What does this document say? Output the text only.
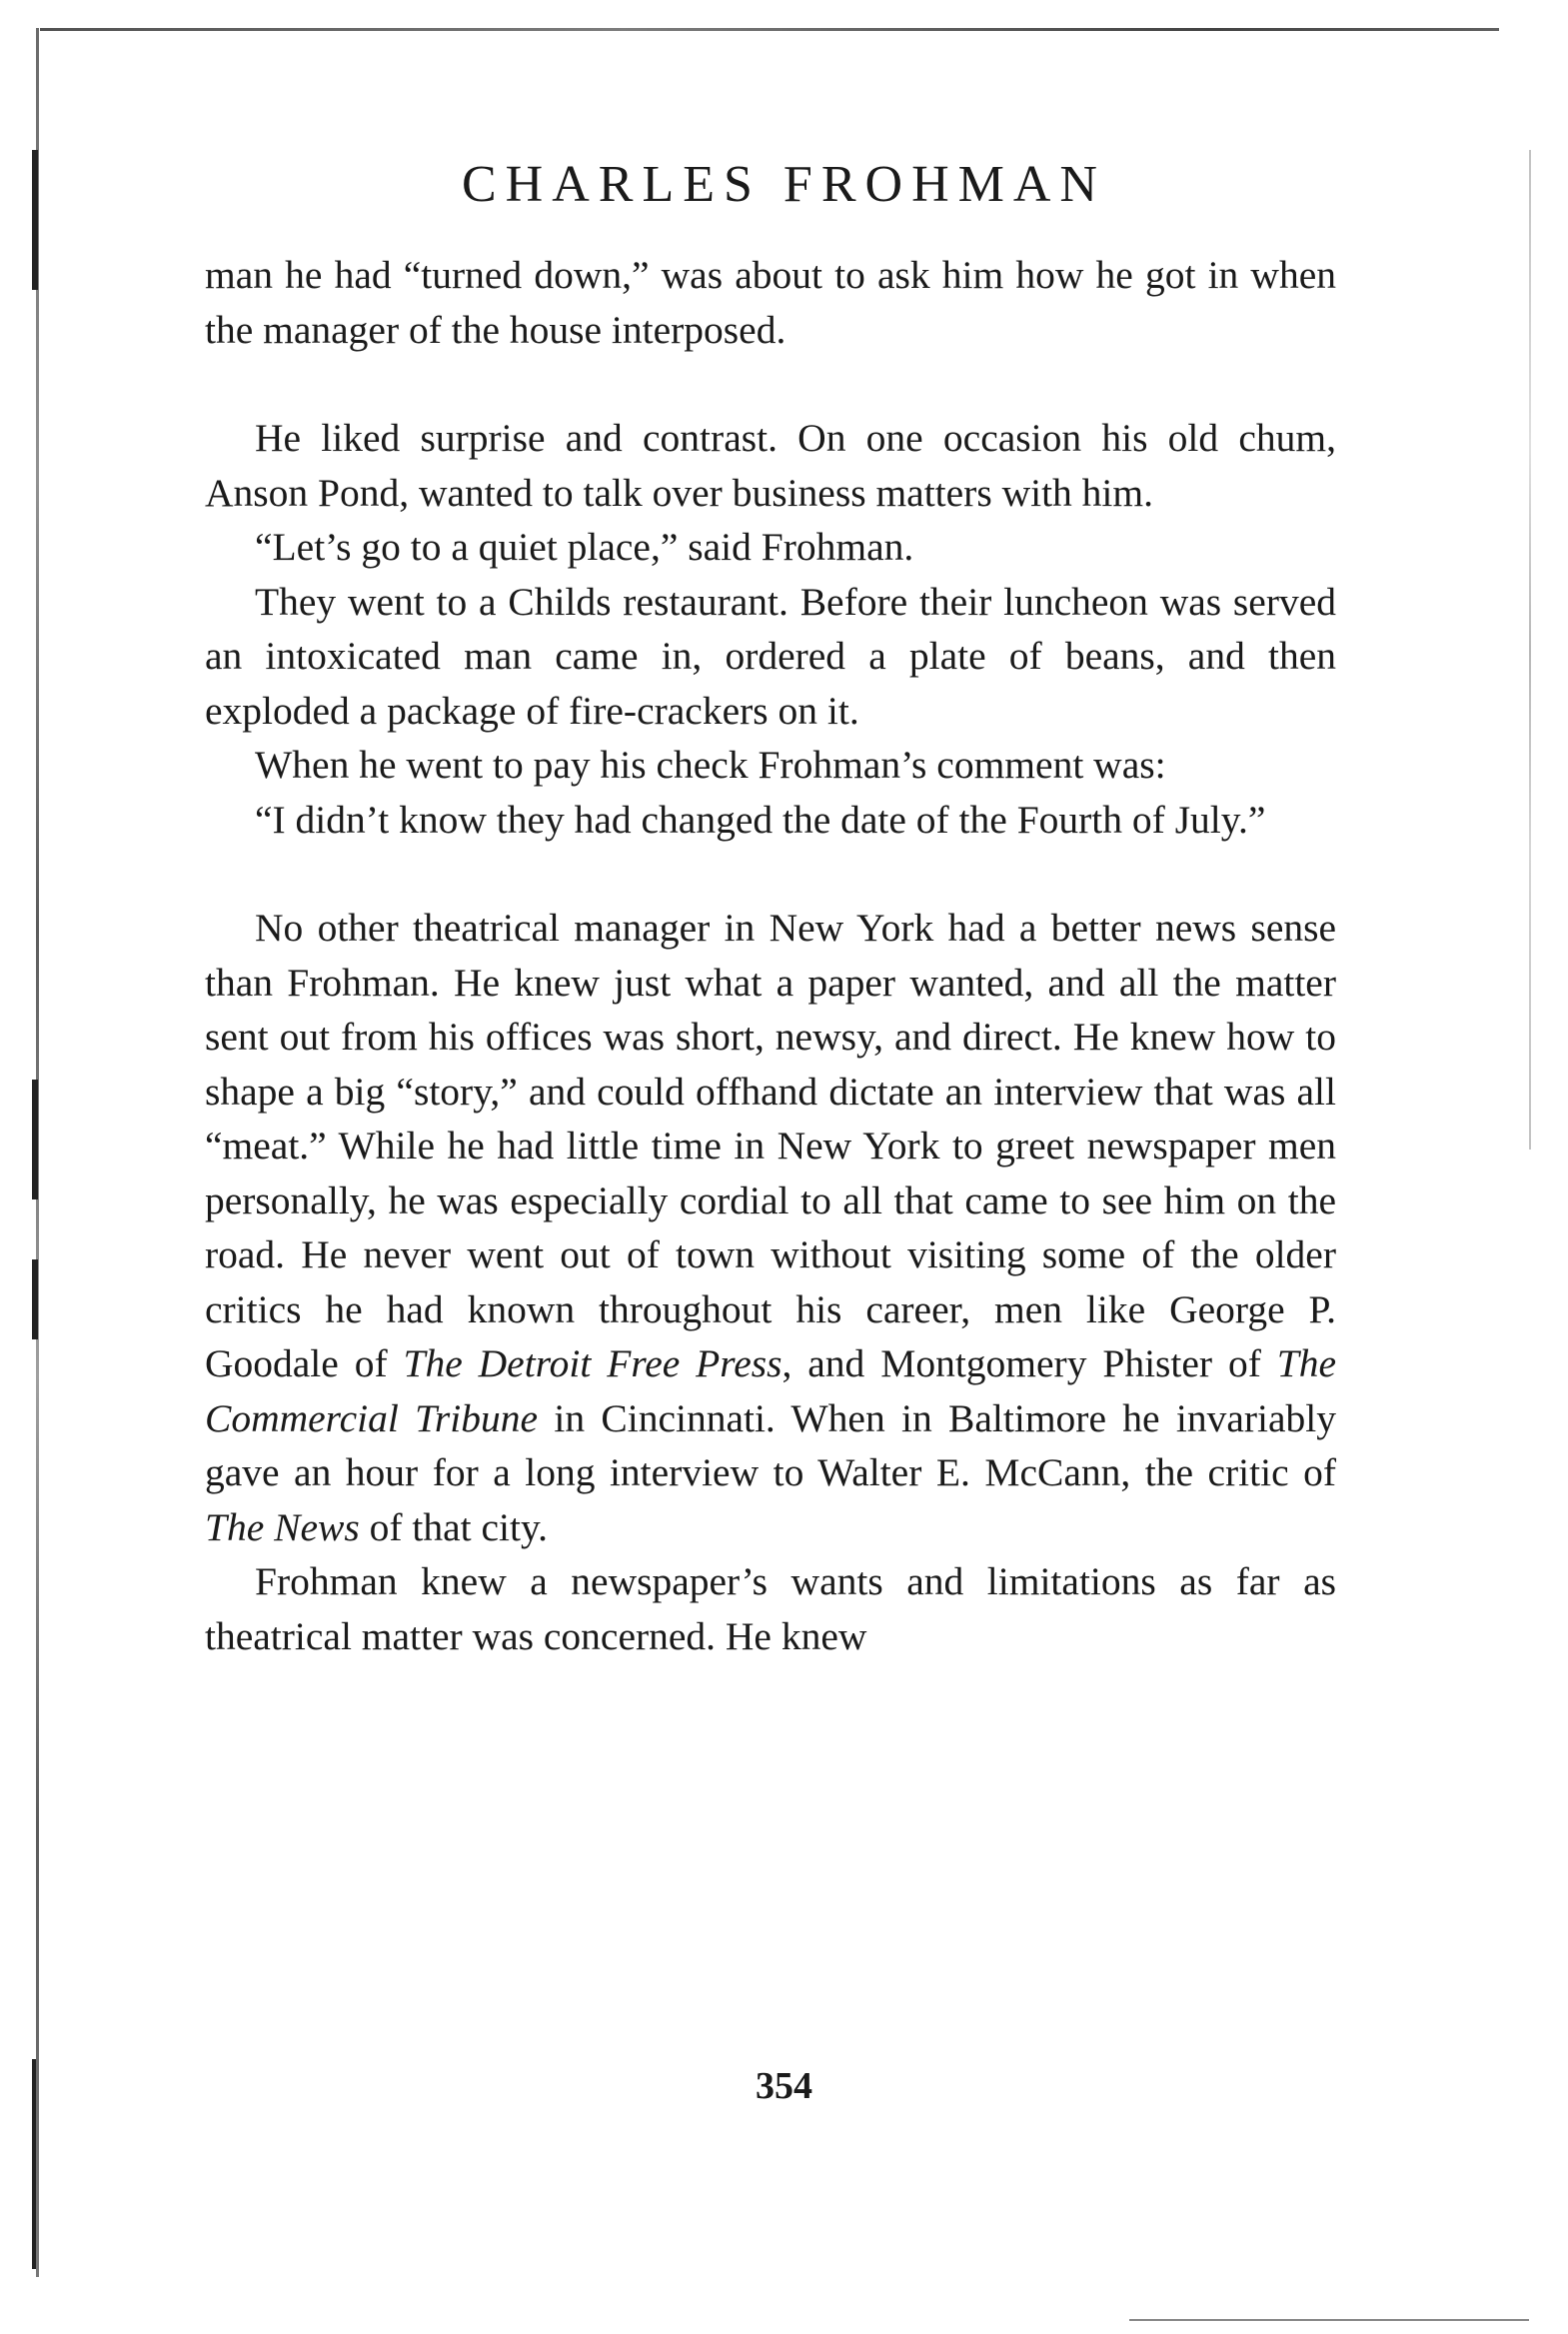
CHARLES FROHMAN

man he had “turned down,” was about to ask him how he got in when the manager of the house interposed.

He liked surprise and contrast. On one occasion his old chum, Anson Pond, wanted to talk over business matters with him.

“Let’s go to a quiet place,” said Frohman.

They went to a Childs restaurant. Before their luncheon was served an intoxicated man came in, ordered a plate of beans, and then exploded a package of fire-crackers on it.

When he went to pay his check Frohman’s comment was:

“I didn’t know they had changed the date of the Fourth of July.”

No other theatrical manager in New York had a better news sense than Frohman. He knew just what a paper wanted, and all the matter sent out from his offices was short, newsy, and direct. He knew how to shape a big “story,” and could offhand dictate an interview that was all “meat.” While he had little time in New York to greet newspaper men personally, he was especially cordial to all that came to see him on the road. He never went out of town without visiting some of the older critics he had known throughout his career, men like George P. Goodale of The Detroit Free Press, and Montgomery Phister of The Commercial Tribune in Cincinnati. When in Baltimore he invariably gave an hour for a long interview to Walter E. McCann, the critic of The News of that city.

Frohman knew a newspaper’s wants and limitations as far as theatrical matter was concerned. He knew

354
